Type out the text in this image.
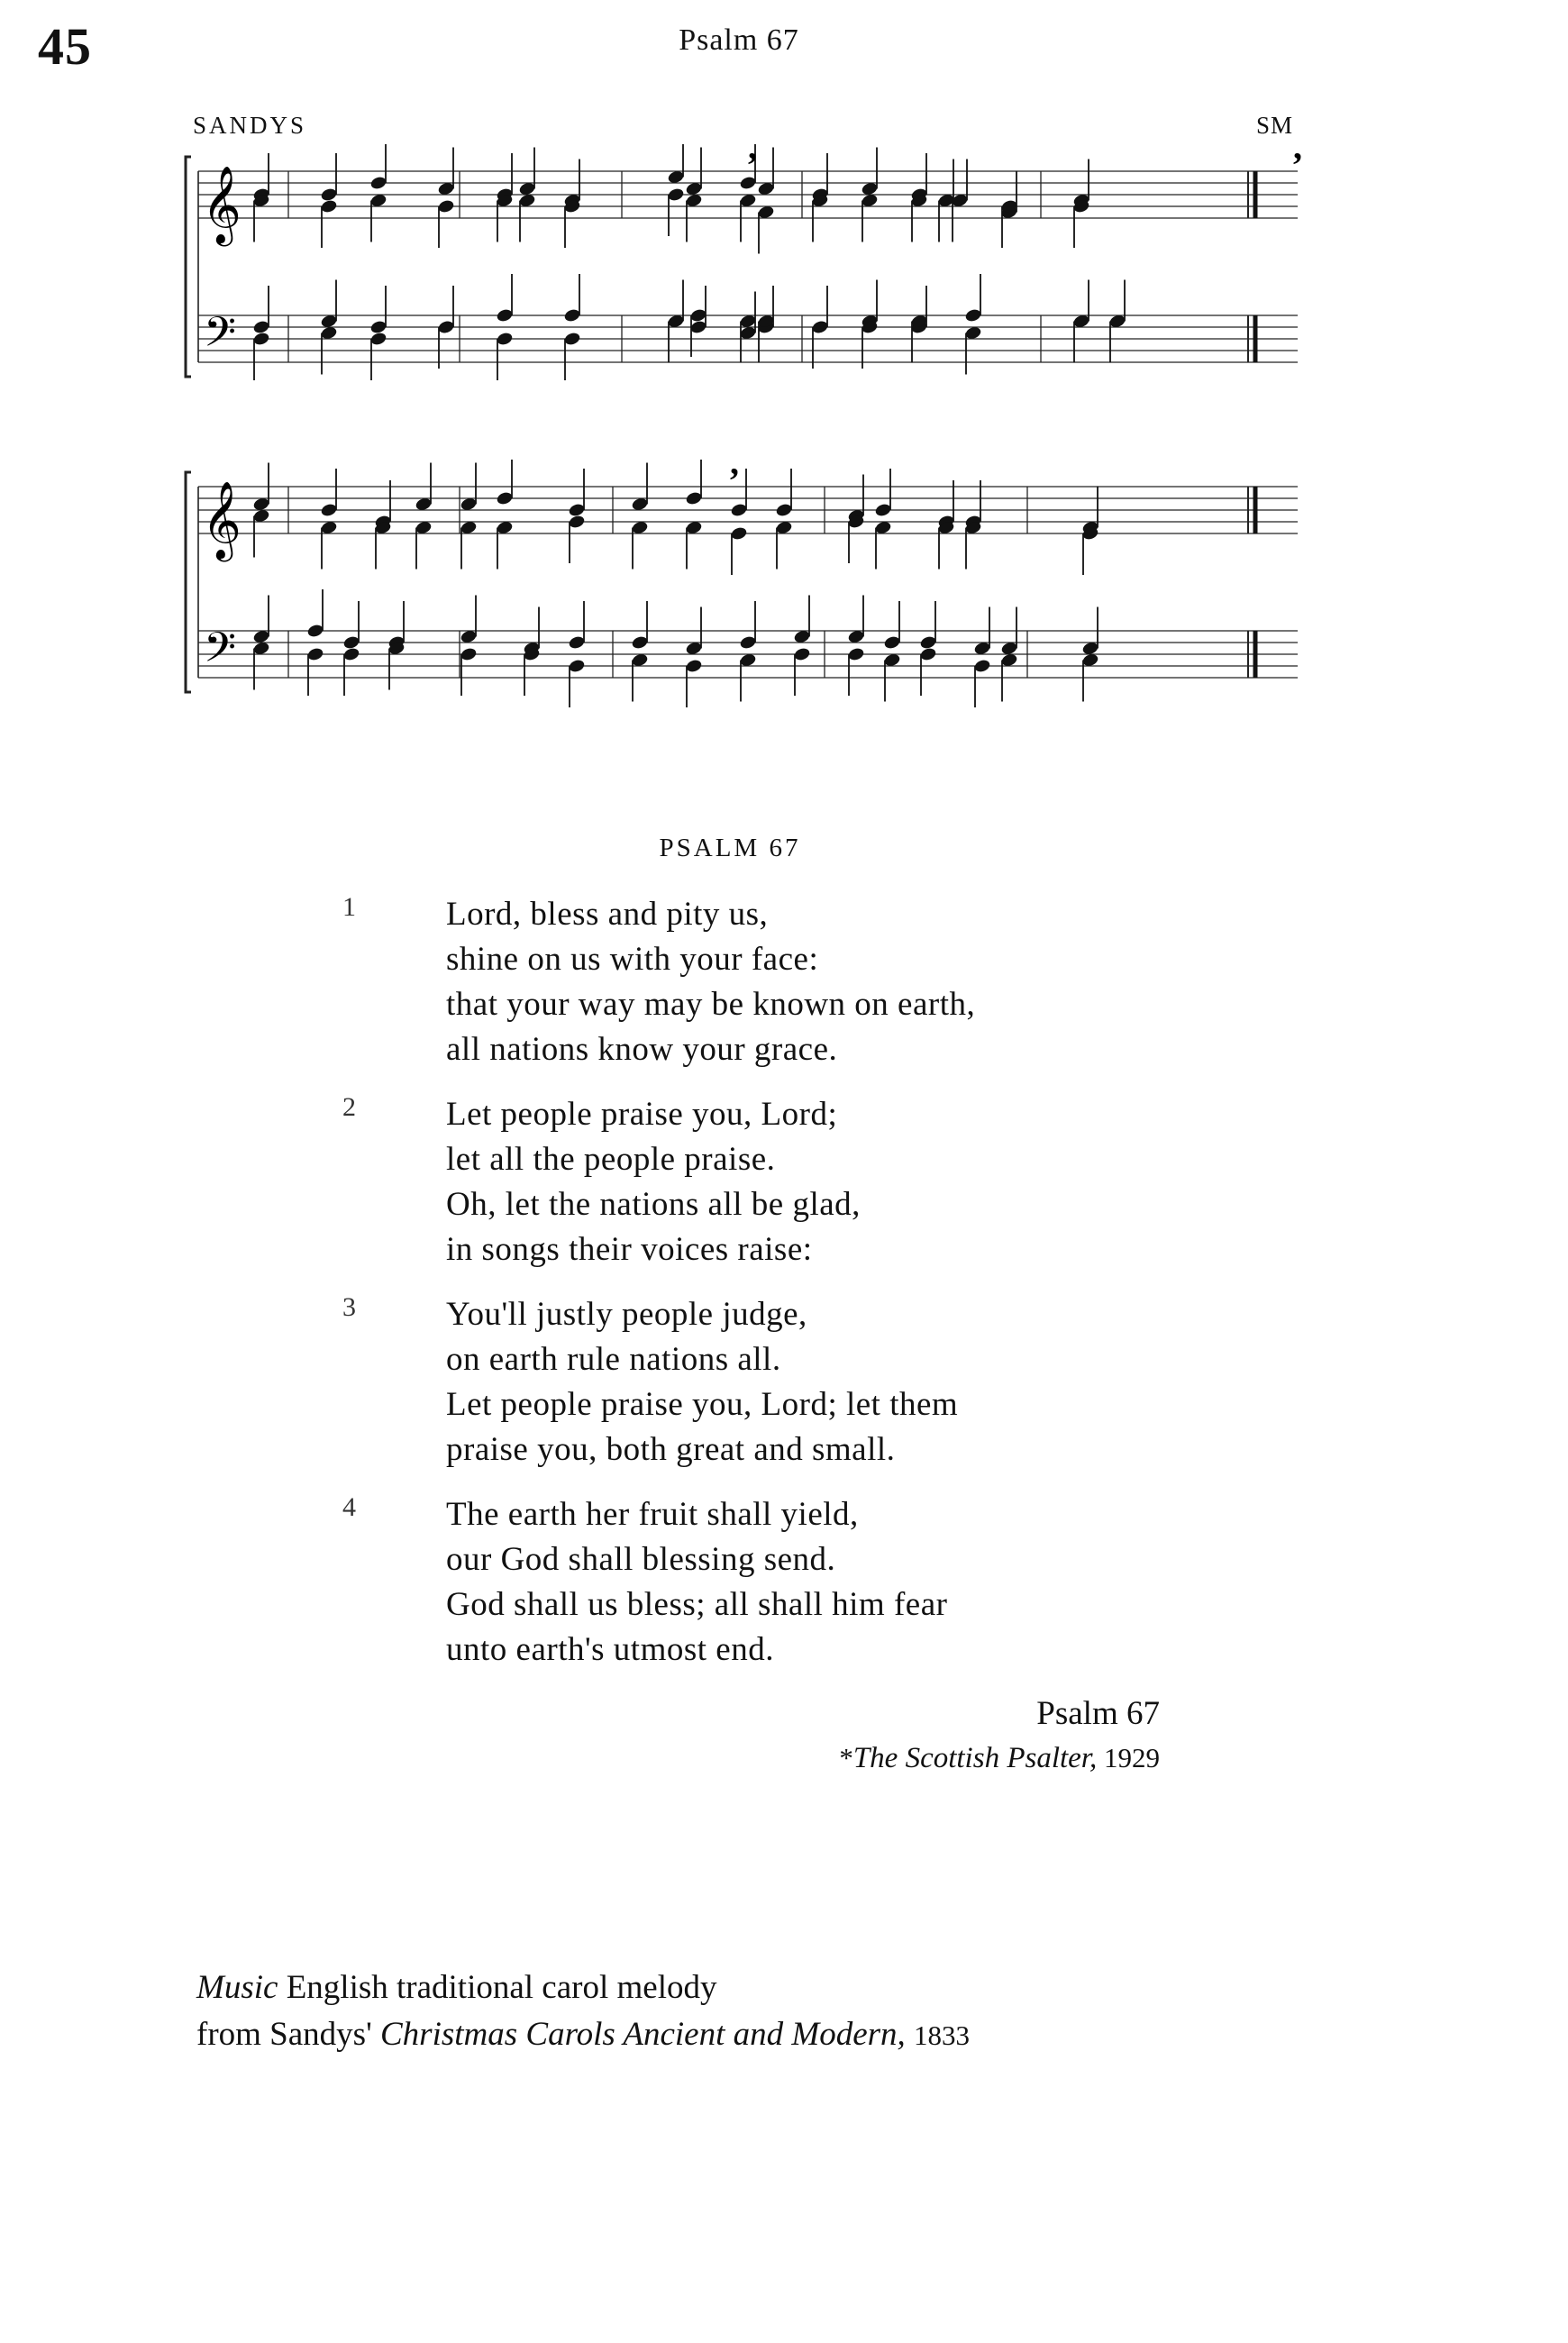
45	Psalm 67
SANDYS	SM
𝄞
𝄢
,	,
𝄞
𝄢
,
PSALM 67
1	Lord, bless and pity us,
shine on us with your face:
that your way may be known on earth,
all nations know your grace.
2	Let people praise you, Lord;
let all the people praise.
Oh, let the nations all be glad,
in songs their voices raise:
3	You'll justly people judge,
on earth rule nations all.
Let people praise you, Lord; let them
praise you, both great and small.
4	The earth her fruit shall yield,
our God shall blessing send.
God shall us bless; all shall him fear
unto earth's utmost end.
Psalm 67
*The Scottish Psalter, 1929
Music English traditional carol melody
from Sandys' Christmas Carols Ancient and Modern, 1833
